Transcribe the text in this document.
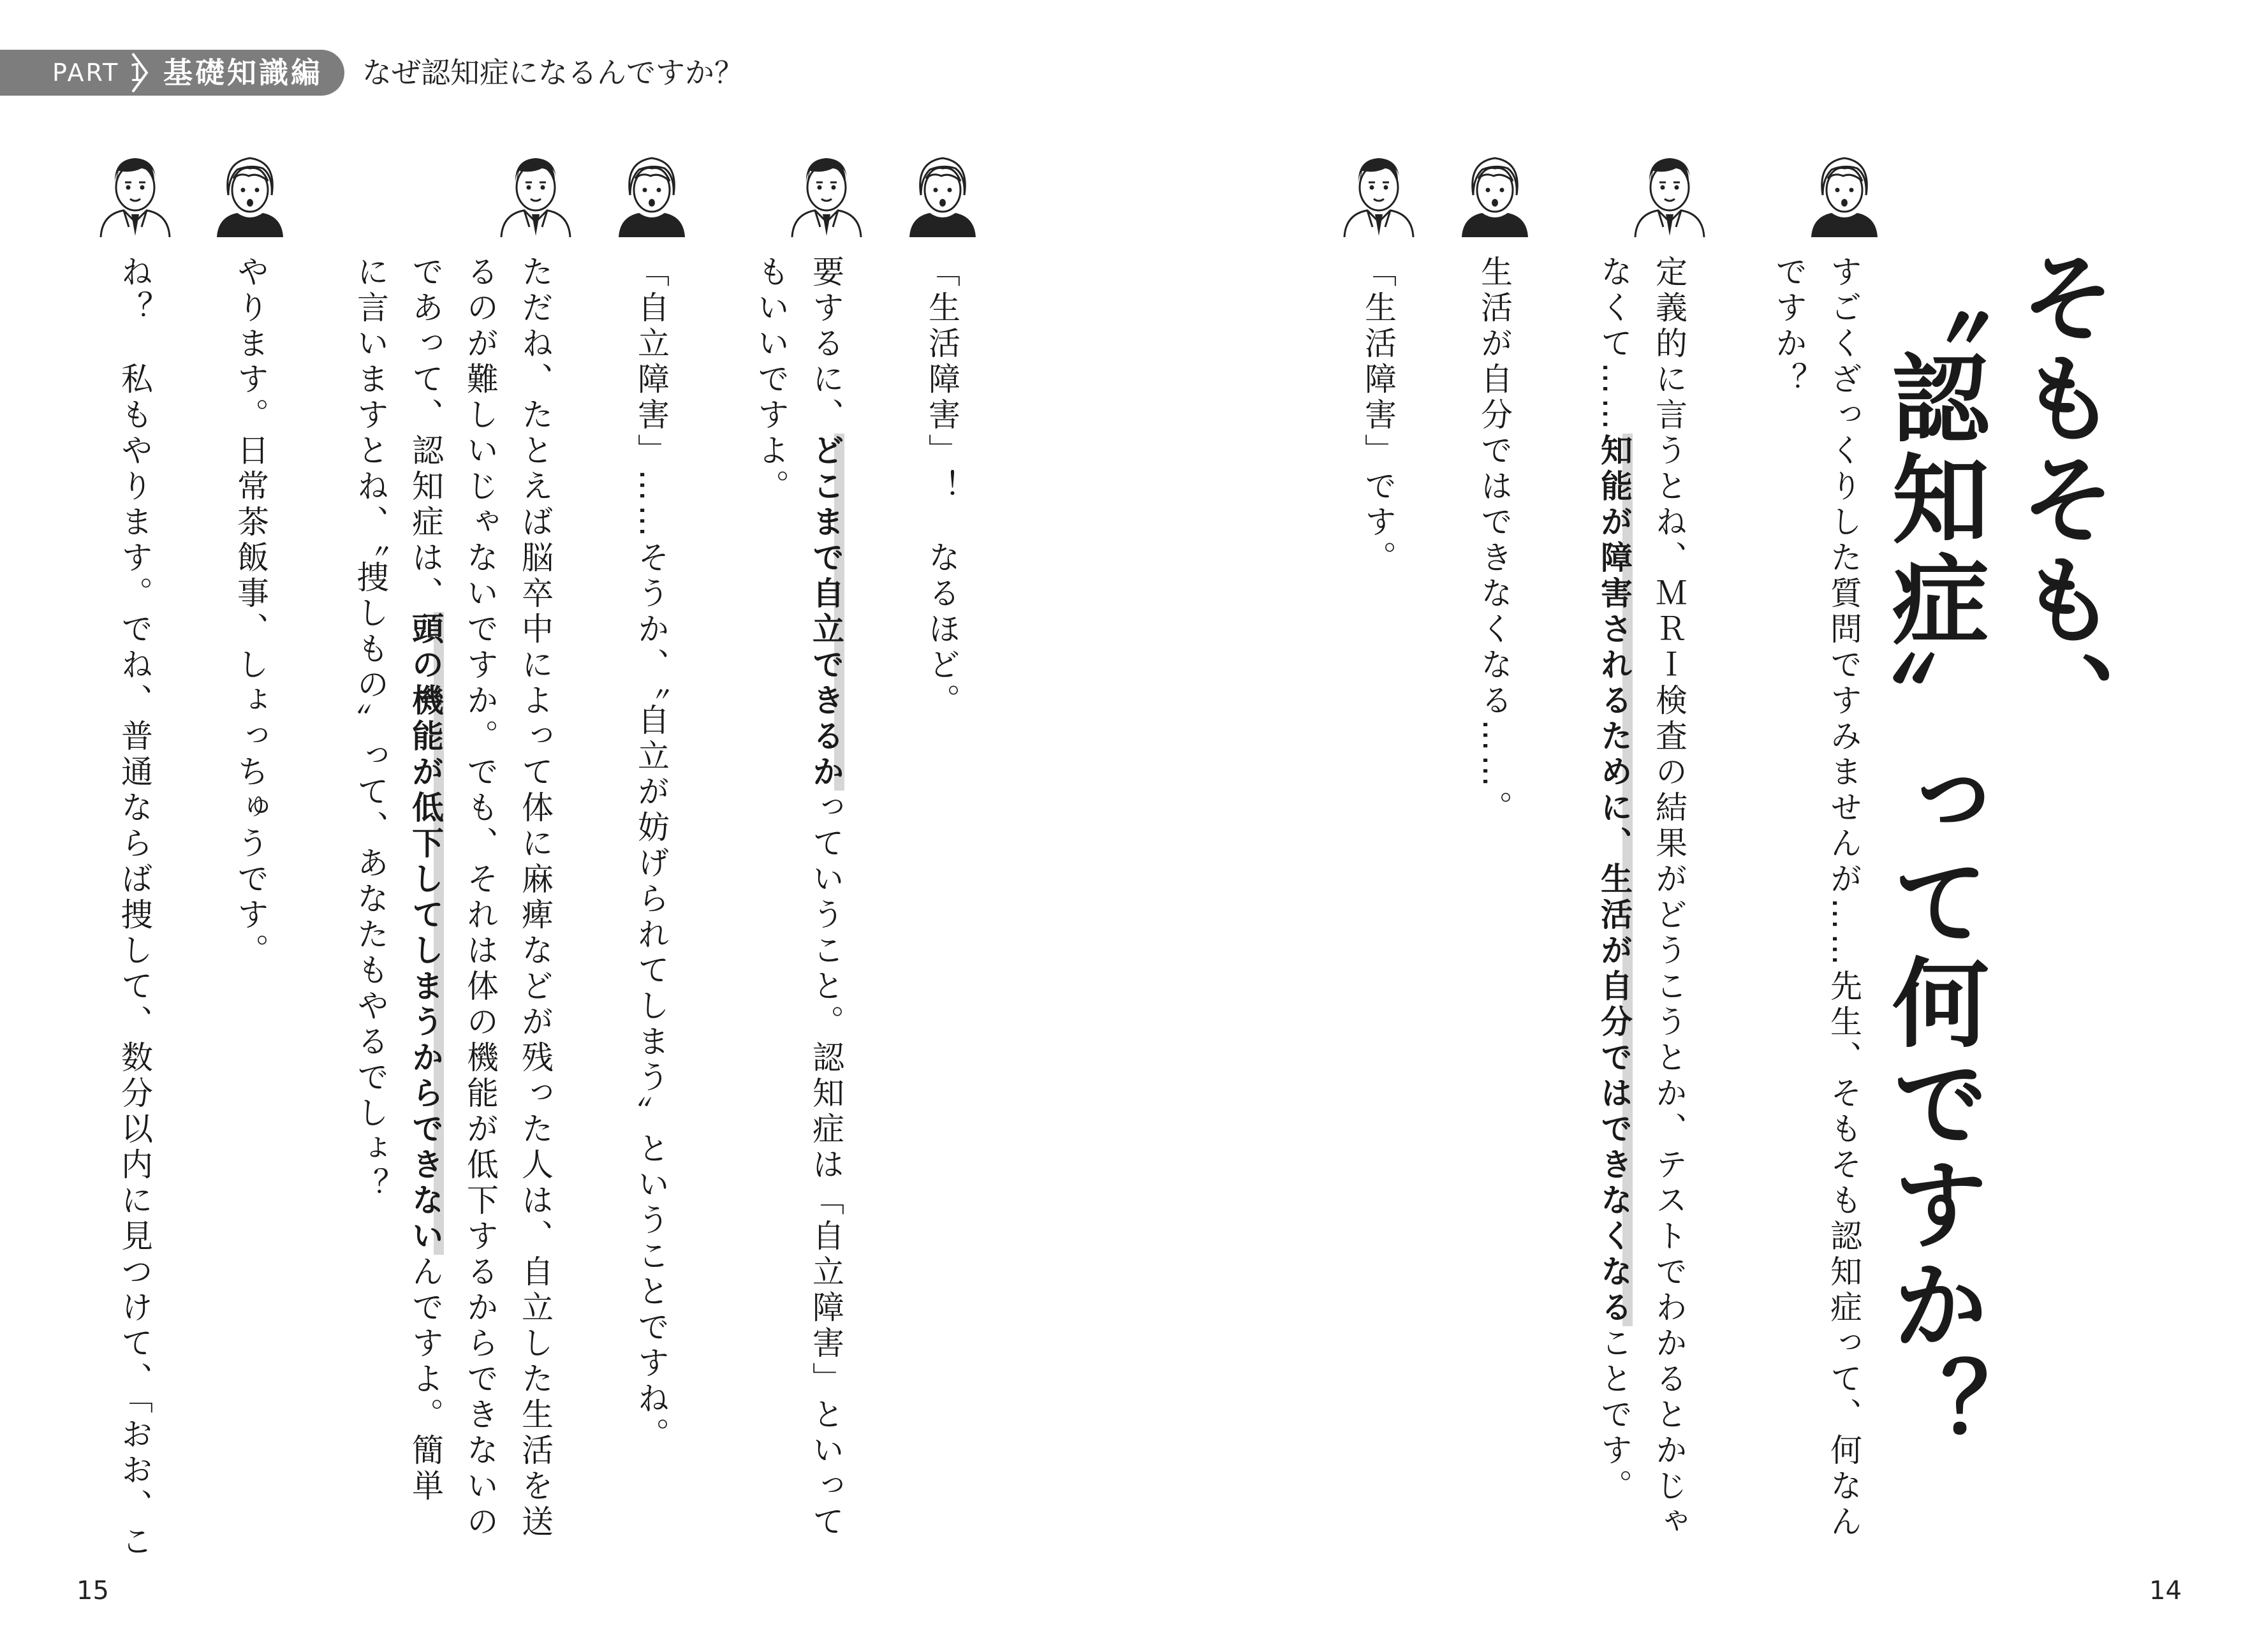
PART 1 基礎知識編 なぜ認知症になるんですか？
そもそも、
〝認知症〟って何ですか？
すごくざっくりした質問ですみませんが……先生、そもそも認知症って、何なん
ですか？
定義的に言うとね、ＭＲＩ検査の結果がどうこうとか、テストでわかるとかじゃ
なくて……知能が障害されるために、生活が自分ではできなくなることです。
生活が自分ではできなくなる……。
「生活障害」です。
「生活障害」！　なるほど。
要するに、どこまで自立できるかっていうこと。認知症は「自立障害」といって
もいいですよ。
「自立障害」……そうか、〝自立が妨げられてしまう〟ということですね。
ただね、たとえば脳卒中によって体に麻痺などが残った人は、自立した生活を送
るのが難しいじゃないですか。でも、それは体の機能が低下するからできないの
であって、認知症は、頭の機能が低下してしまうからできないんですよ。簡単
に言いますとね、〝捜しもの〟って、あなたもやるでしょ？
やります。日常茶飯事、しょっちゅうです。
ね？　私もやります。でね、普通ならば捜して、数分以内に見つけて、「おお、こ
15	14
